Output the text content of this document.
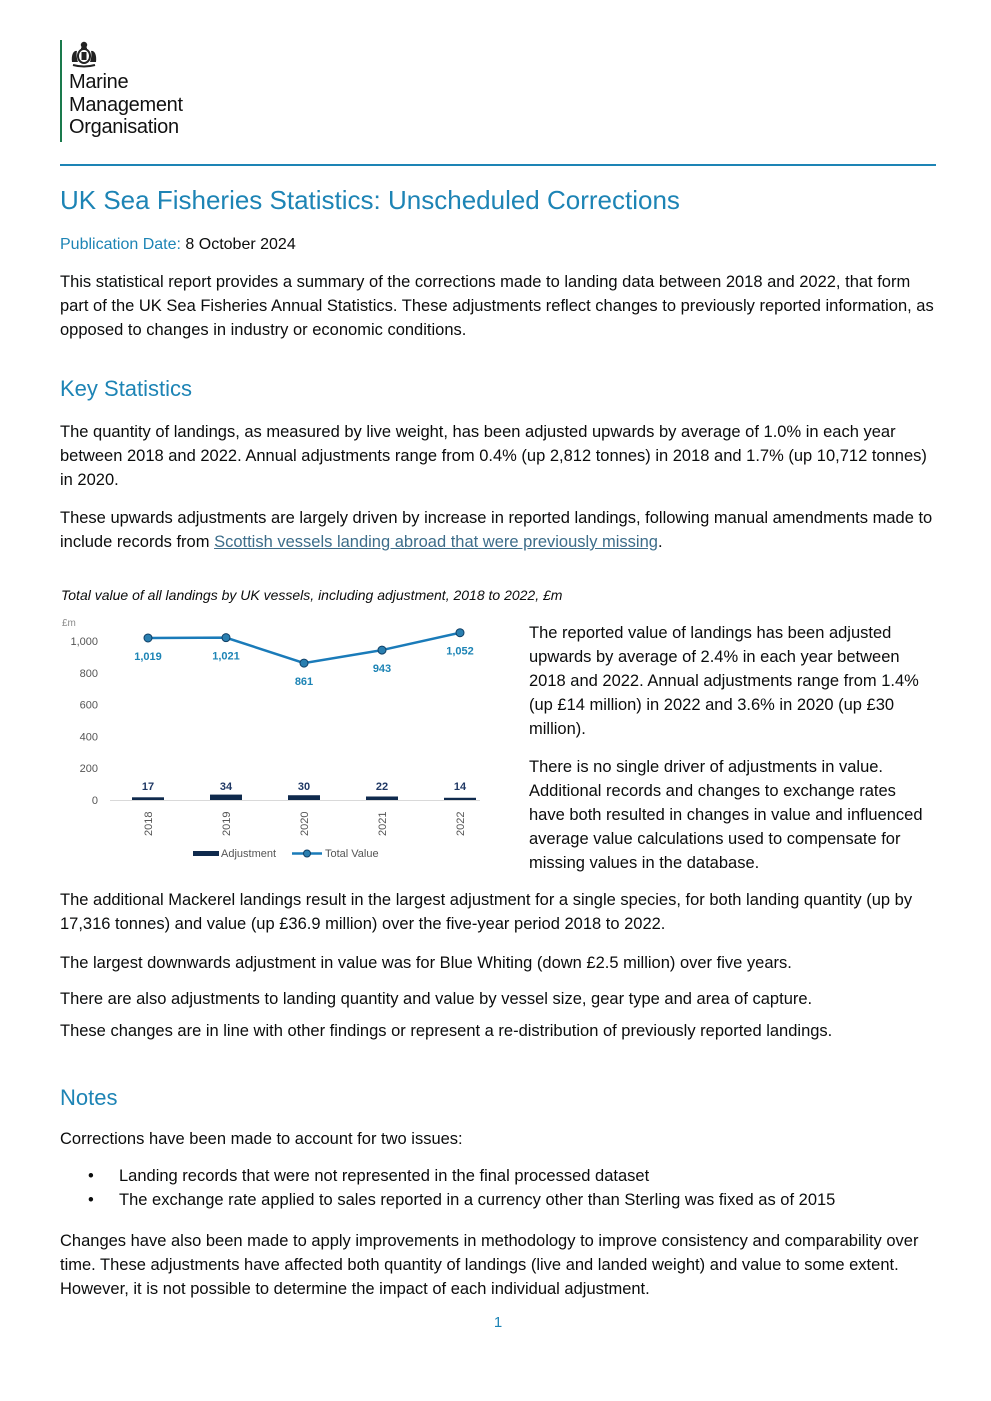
Marine
Management
Organisation
UK Sea Fisheries Statistics: Unscheduled Corrections
Publication Date: 8 October 2024

This statistical report provides a summary of the corrections made to landing data between 2018 and 2022, that form part of the UK Sea Fisheries Annual Statistics. These adjustments reflect changes to previously reported information, as opposed to changes in industry or economic conditions.

Key Statistics

The quantity of landings, as measured by live weight, has been adjusted upwards by average of 1.0% in each year between 2018 and 2022. Annual adjustments range from 0.4% (up 2,812 tonnes) in 2018 and 1.7% (up 10,712 tonnes) in 2020.

These upwards adjustments are largely driven by increase in reported landings, following manual amendments made to include records from Scottish vessels landing abroad that were previously missing.

Total value of all landings by UK vessels, including adjustment, 2018 to 2022, £m
£m
0
200
400
600
800
1,000
17	34	30	22	14
1,019	1,021
861
943
1,052
2018	2019	2020	2021	2022
Adjustment	Total Value

The reported value of landings has been adjusted upwards by average of 2.4% in each year between 2018 and 2022. Annual adjustments range from 1.4% (up £14 million) in 2022 and 3.6% in 2020 (up £30 million).

There is no single driver of adjustments in value. Additional records and changes to exchange rates have both resulted in changes in value and influenced average value calculations used to compensate for missing values in the database.

The additional Mackerel landings result in the largest adjustment for a single species, for both landing quantity (up by 17,316 tonnes) and value (up £36.9 million) over the five-year period 2018 to 2022.

The largest downwards adjustment in value was for Blue Whiting (down £2.5 million) over five years.

There are also adjustments to landing quantity and value by vessel size, gear type and area of capture.

These changes are in line with other findings or represent a re-distribution of previously reported landings.

Notes

Corrections have been made to account for two issues:

• Landing records that were not represented in the final processed dataset
• The exchange rate applied to sales reported in a currency other than Sterling was fixed as of 2015

Changes have also been made to apply improvements in methodology to improve consistency and comparability over time. These adjustments have affected both quantity of landings (live and landed weight) and value to some extent. However, it is not possible to determine the impact of each individual adjustment.

1
